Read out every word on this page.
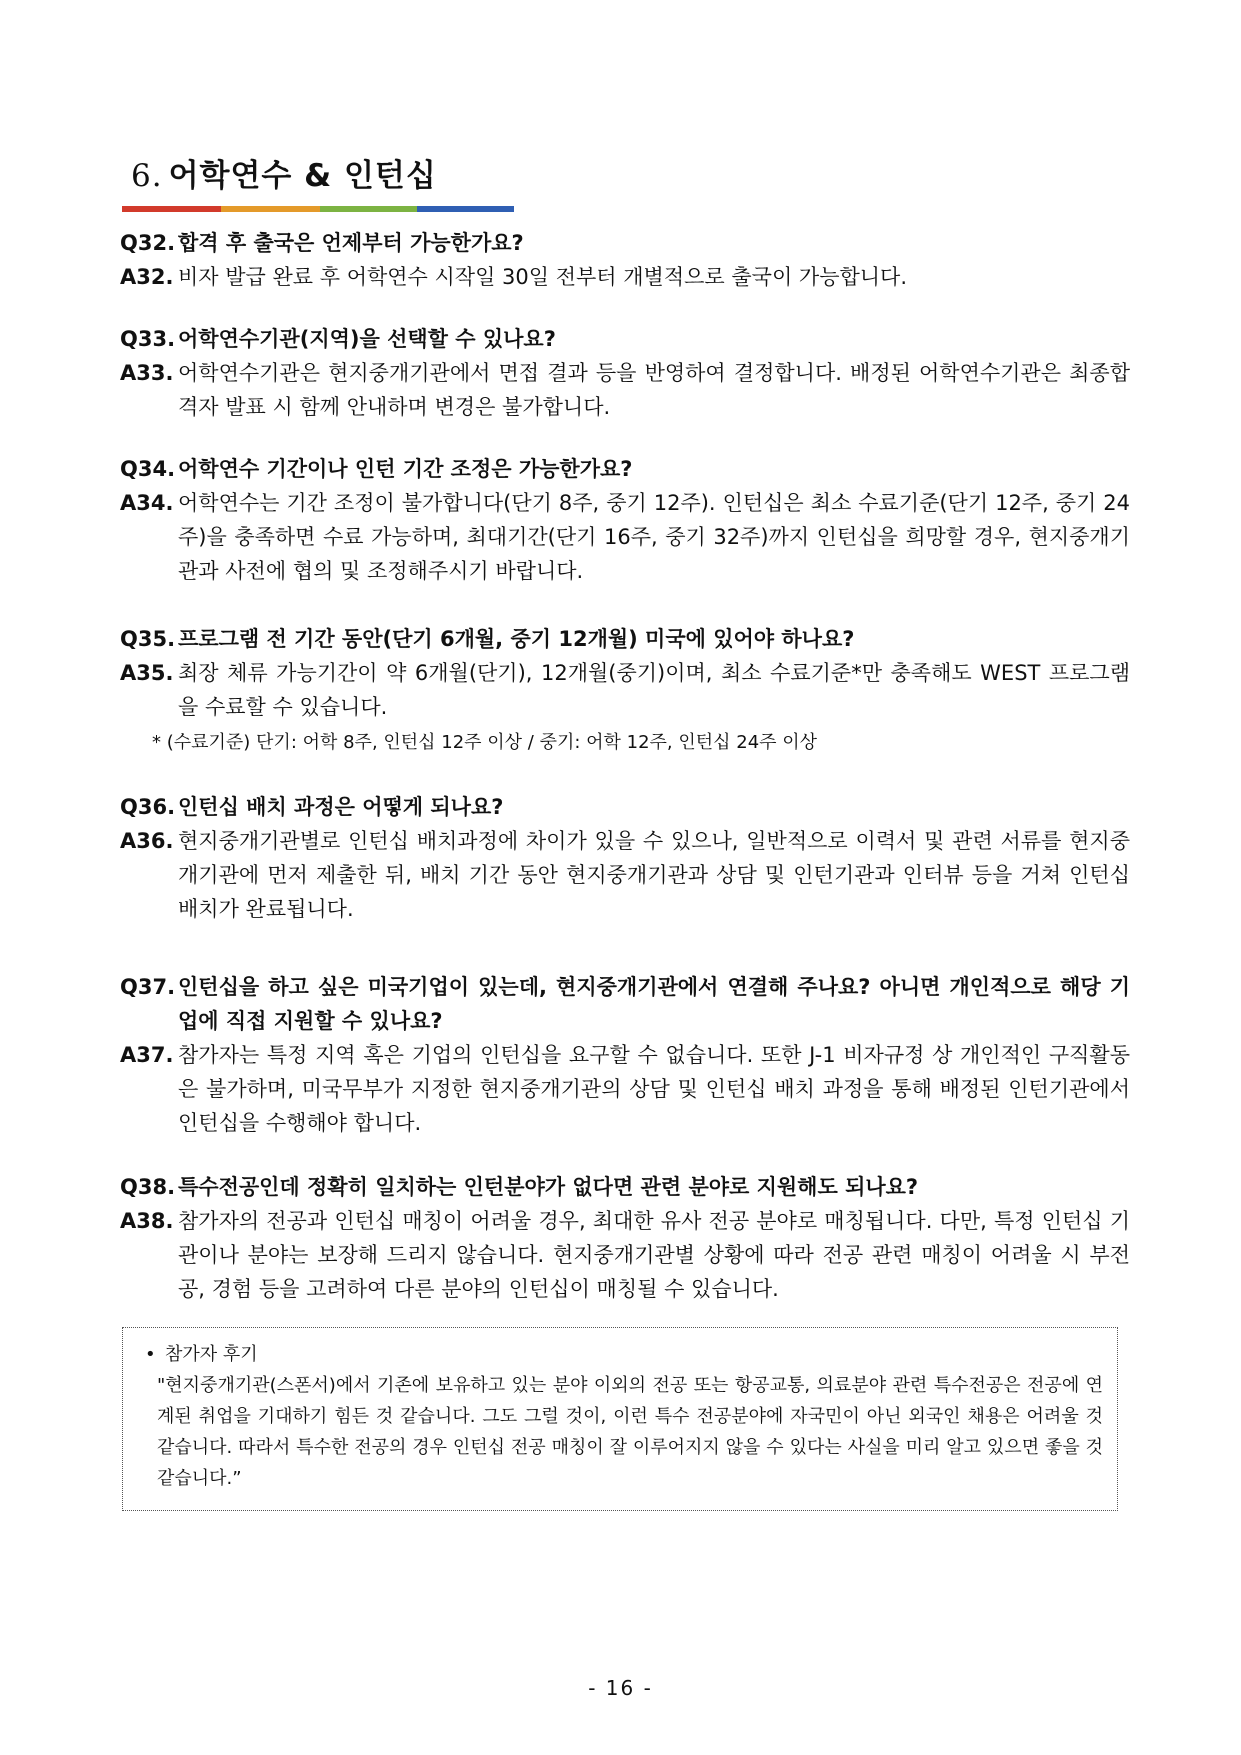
6. 어학연수 & 인턴십
Q32. 합격 후 출국은 언제부터 가능한가요?
A32. 비자 발급 완료 후 어학연수 시작일 30일 전부터 개별적으로 출국이 가능합니다.
Q33. 어학연수기관(지역)을 선택할 수 있나요?
A33. 어학연수기관은 현지중개기관에서 면접 결과 등을 반영하여 결정합니다. 배정된 어학연수기관은 최종합격자 발표 시 함께 안내하며 변경은 불가합니다.
Q34. 어학연수 기간이나 인턴 기간 조정은 가능한가요?
A34. 어학연수는 기간 조정이 불가합니다(단기 8주, 중기 12주). 인턴십은 최소 수료기준(단기 12주, 중기 24주)을 충족하면 수료 가능하며, 최대기간(단기 16주, 중기 32주)까지 인턴십을 희망할 경우, 현지중개기관과 사전에 협의 및 조정해주시기 바랍니다.
Q35. 프로그램 전 기간 동안(단기 6개월, 중기 12개월) 미국에 있어야 하나요?
A35. 최장 체류 가능기간이 약 6개월(단기), 12개월(중기)이며, 최소 수료기준*만 충족해도 WEST 프로그램을 수료할 수 있습니다.
* (수료기준) 단기: 어학 8주, 인턴십 12주 이상 / 중기: 어학 12주, 인턴십 24주 이상
Q36. 인턴십 배치 과정은 어떻게 되나요?
A36. 현지중개기관별로 인턴십 배치과정에 차이가 있을 수 있으나, 일반적으로 이력서 및 관련 서류를 현지중개기관에 먼저 제출한 뒤, 배치 기간 동안 현지중개기관과 상담 및 인턴기관과 인터뷰 등을 거쳐 인턴십 배치가 완료됩니다.
Q37. 인턴십을 하고 싶은 미국기업이 있는데, 현지중개기관에서 연결해 주나요? 아니면 개인적으로 해당 기업에 직접 지원할 수 있나요?
A37. 참가자는 특정 지역 혹은 기업의 인턴십을 요구할 수 없습니다. 또한 J-1 비자규정 상 개인적인 구직활동은 불가하며, 미국무부가 지정한 현지중개기관의 상담 및 인턴십 배치 과정을 통해 배정된 인턴기관에서 인턴십을 수행해야 합니다.
Q38. 특수전공인데 정확히 일치하는 인턴분야가 없다면 관련 분야로 지원해도 되나요?
A38. 참가자의 전공과 인턴십 매칭이 어려울 경우, 최대한 유사 전공 분야로 매칭됩니다. 다만, 특정 인턴십 기관이나 분야는 보장해 드리지 않습니다. 현지중개기관별 상황에 따라 전공 관련 매칭이 어려울 시 부전공, 경험 등을 고려하여 다른 분야의 인턴십이 매칭될 수 있습니다.
• 참가자 후기
"현지중개기관(스폰서)에서 기존에 보유하고 있는 분야 이외의 전공 또는 항공교통, 의료분야 관련 특수전공은 전공에 연계된 취업을 기대하기 힘든 것 같습니다. 그도 그럴 것이, 이런 특수 전공분야에 자국민이 아닌 외국인 채용은 어려울 것 같습니다. 따라서 특수한 전공의 경우 인턴십 전공 매칭이 잘 이루어지지 않을 수 있다는 사실을 미리 알고 있으면 좋을 것 같습니다.”
- 16 -
